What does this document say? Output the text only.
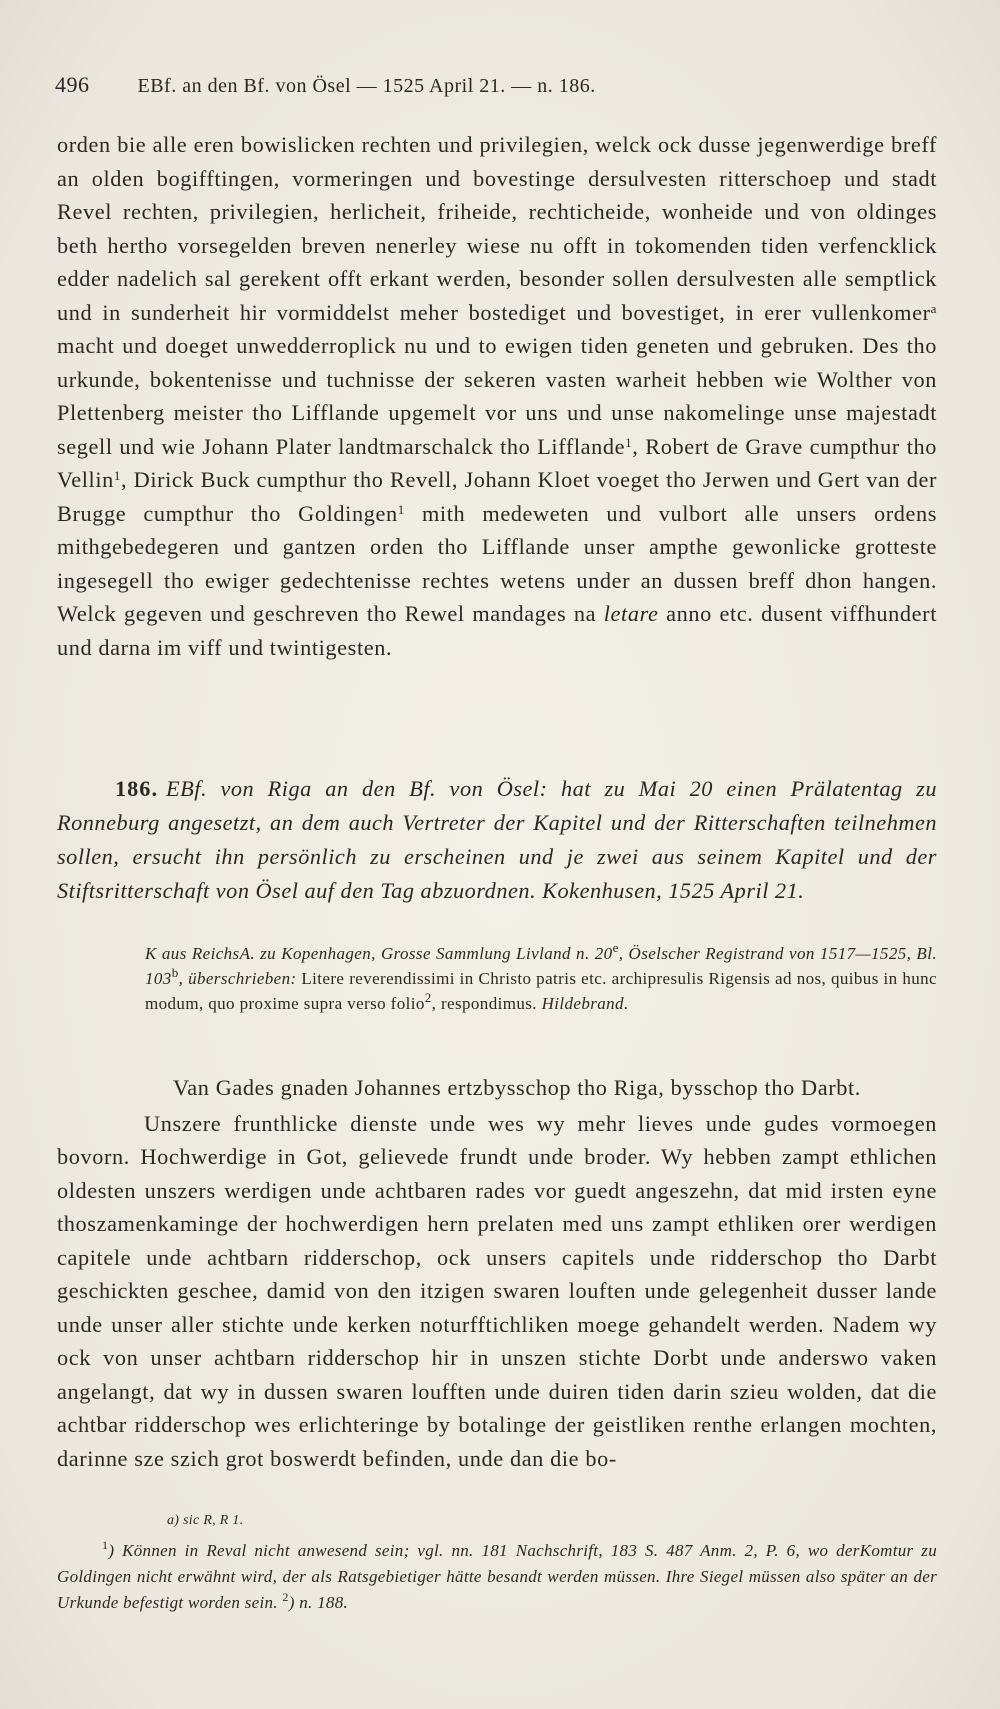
496 EBf. an den Bf. von Ösel — 1525 April 21. — n. 186.

orden bie alle eren bowislicken rechten und privilegien, welck ock dusse jegenwerdige breff an olden bogifftingen, vormeringen und bovestinge dersulvesten ritterschoep und stadt Revel rechten, privilegien, herlicheit, friheide, rechticheide, wonheide und von oldinges beth hertho vorsegelden breven nenerley wiese nu offt in tokomenden tiden verfencklick edder nadelich sal gerekent offt erkant werden, besonder sollen dersulvesten alle semptlick und in sunderheit hir vormiddelst meher bostediget und bovestiget, in erer vullenkomer$^a$ macht und doeget unwedderroplick nu und to ewigen tiden geneten und gebruken. Des tho urkunde, bokentenisse und tuchnisse der sekeren vasten warheit hebben wie Wolther von Plettenberg meister tho Lifflande upgemelt vor uns und unse nakomelinge unse majestadt segell und wie Johann Plater landtmarschalck tho Lifflande$^1$, Robert de Grave cumpthur tho Vellin$^1$, Dirick Buck cumpthur tho Revell, Johann Kloet voeget tho Jerwen und Gert van der Brugge cumpthur tho Goldingen$^1$ mith medeweten und vulbort alle unsers ordens mithgebedegeren und gantzen orden tho Lifflande unser ampthe gewonlicke grotteste ingesegell tho ewiger gedechtenisse rechtes wetens under an dussen breff dhon hangen. Welck gegeven und geschreven tho Rewel mandages na letare anno etc. dusent viffhundert und darna im viff und twintigesten.

186. EBf. von Riga an den Bf. von Ösel: hat zu Mai 20 einen Prälatentag zu Ronneburg angesetzt, an dem auch Vertreter der Kapitel und der Ritterschaften teilnehmen sollen, ersucht ihn persönlich zu erscheinen und je zwei aus seinem Kapitel und der Stiftsritterschaft von Ösel auf den Tag abzuordnen. Kokenhusen, 1525 April 21.
K aus ReichsA. zu Kopenhagen, Grosse Sammlung Livland n. 20e, Öselscher Registrand von 1517—1525, Bl. 103$^b$, überschrieben: Litere reverendissimi in Christo patris etc. archipresulis Rigensis ad nos, quibus in hunc modum, quo proxime supra verso folio$^2$, respondimus. Hildebrand.
Van Gades gnaden Johannes ertzbysschop tho Riga, bysschop tho Darbt.

Unszere frunthlicke dienste unde wes wy mehr lieves unde gudes vormoegen bovorn. Hochwerdige in Got, gelievede frundt unde broder. Wy hebben zampt ethlichen oldesten unszers werdigen unde achtbaren rades vor guedt angeszehn, dat mid irsten eyne thoszamenkaminge der hochwerdigen hern prelaten med uns zampt ethliken orer werdigen capitele unde achtbarn ridderschop, ock unsers capitels unde ridderschop tho Darbt geschickten geschee, damid von den itzigen swaren louften unde gelegenheit dusser lande unde unser aller stichte unde kerken noturfftichliken moege gehandelt werden. Nadem wy ock von unser achtbarn ridderschop hir in unszen stichte Dorbt unde anderswo vaken angelangt, dat wy in dussen swaren loufften unde duiren tiden darin szieu wolden, dat die achtbar ridderschop wes erlichteringe by botalinge der geistliken renthe erlangen mochten, darinne sze szich grot boswerdt befinden, unde dan die bo-

a) sic R, R 1.
$^1$) Können in Reval nicht anwesend sein; vgl. nn. 181 Nachschrift, 183 S. 487 Anm. 2, P. 6, wo derKomtur zu Goldingen nicht erwähnt wird, der als Ratsgebietiger hätte besandt werden müssen. Ihre Siegel müssen also später an der Urkunde befestigt worden sein. $^2$) n. 188.
